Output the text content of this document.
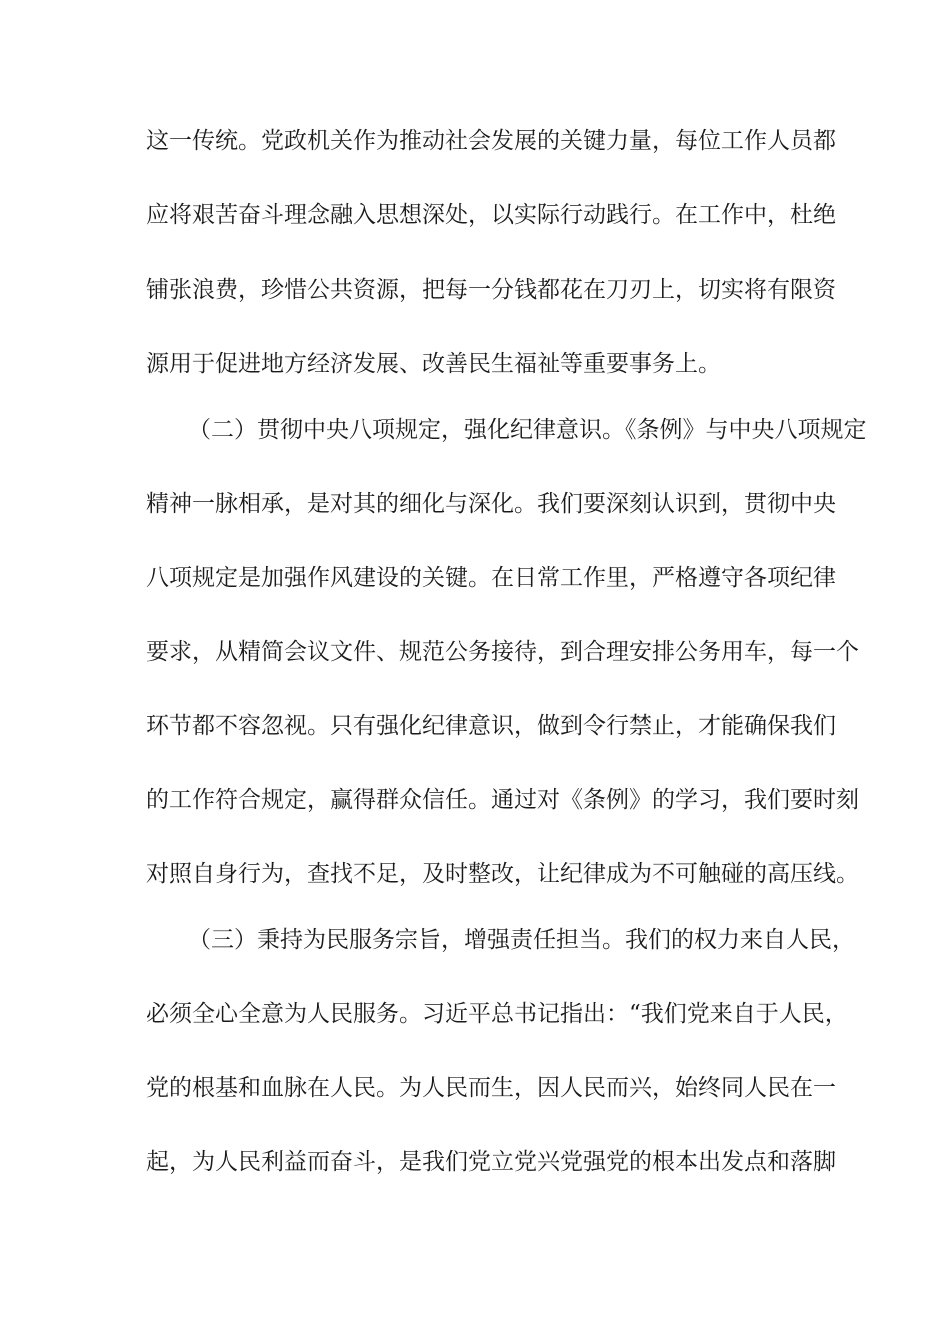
这一传统。党政机关作为推动社会发展的关键力量，每位工作人员都
应将艰苦奋斗理念融入思想深处，以实际行动践行。在工作中，杜绝
铺张浪费，珍惜公共资源，把每一分钱都花在刀刃上，切实将有限资
源用于促进地方经济发展、改善民生福祉等重要事务上。
（二）贯彻中央八项规定，强化纪律意识。《条例》与中央八项规定
精神一脉相承，是对其的细化与深化。我们要深刻认识到，贯彻中央
八项规定是加强作风建设的关键。在日常工作里，严格遵守各项纪律
要求，从精简会议文件、规范公务接待，到合理安排公务用车，每一个
环节都不容忽视。只有强化纪律意识，做到令行禁止，才能确保我们
的工作符合规定，赢得群众信任。通过对《条例》的学习，我们要时刻
对照自身行为，查找不足，及时整改，让纪律成为不可触碰的高压线。
（三）秉持为民服务宗旨，增强责任担当。我们的权力来自人民，
必须全心全意为人民服务。习近平总书记指出：“我们党来自于人民，
党的根基和血脉在人民。为人民而生，因人民而兴，始终同人民在一
起，为人民利益而奋斗，是我们党立党兴党强党的根本出发点和落脚
